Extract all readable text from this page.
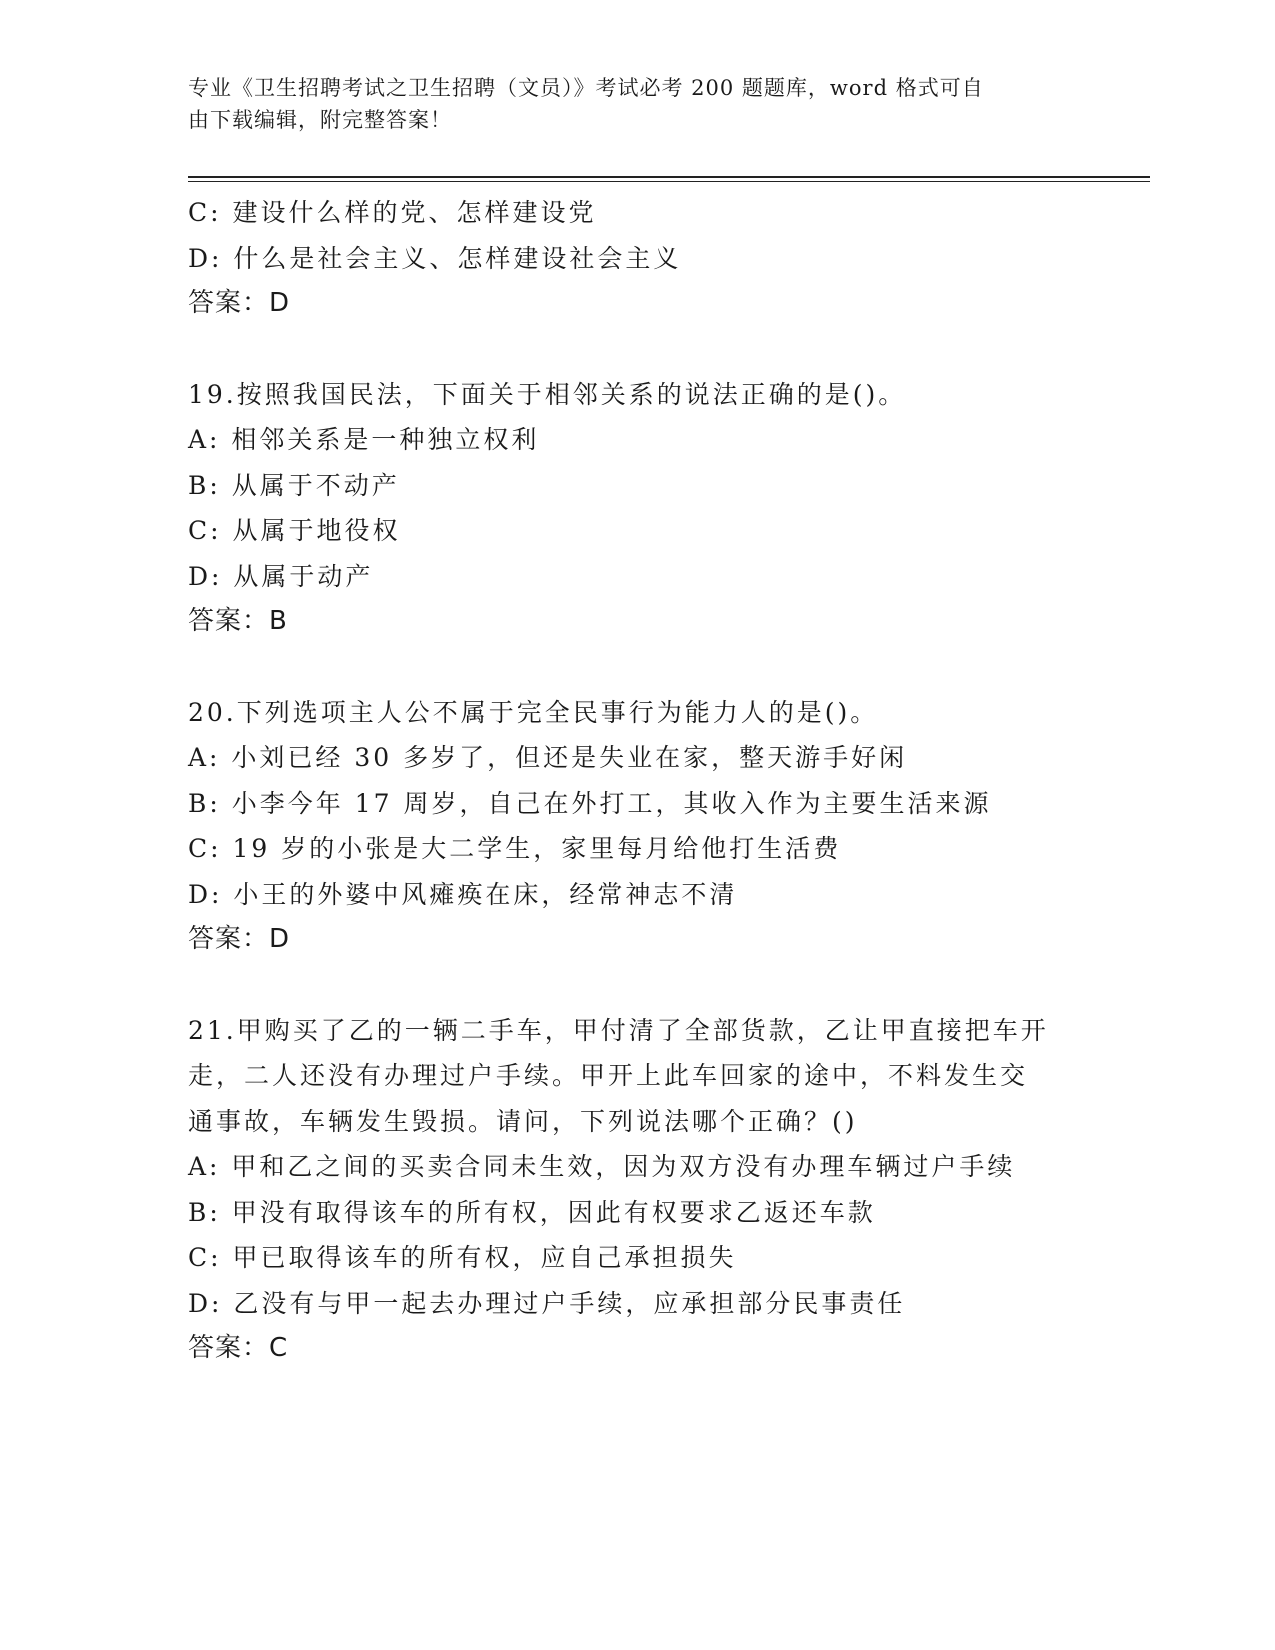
专业《卫生招聘考试之卫生招聘（文员）》考试必考 200 题题库，word 格式可自
由下载编辑，附完整答案！
C: 建设什么样的党、怎样建设党
D: 什么是社会主义、怎样建设社会主义
答案：D
19.按照我国民法，下面关于相邻关系的说法正确的是()。
A: 相邻关系是一种独立权利
B: 从属于不动产
C: 从属于地役权
D: 从属于动产
答案：B
20.下列选项主人公不属于完全民事行为能力人的是()。
A: 小刘已经 30 多岁了，但还是失业在家，整天游手好闲
B: 小李今年 17 周岁，自己在外打工，其收入作为主要生活来源
C: 19 岁的小张是大二学生，家里每月给他打生活费
D: 小王的外婆中风瘫痪在床，经常神志不清
答案：D
21.甲购买了乙的一辆二手车，甲付清了全部货款，乙让甲直接把车开
走，二人还没有办理过户手续。甲开上此车回家的途中，不料发生交
通事故，车辆发生毁损。请问，下列说法哪个正确？()
A: 甲和乙之间的买卖合同未生效，因为双方没有办理车辆过户手续
B: 甲没有取得该车的所有权，因此有权要求乙返还车款
C: 甲已取得该车的所有权，应自己承担损失
D: 乙没有与甲一起去办理过户手续，应承担部分民事责任
答案：C
